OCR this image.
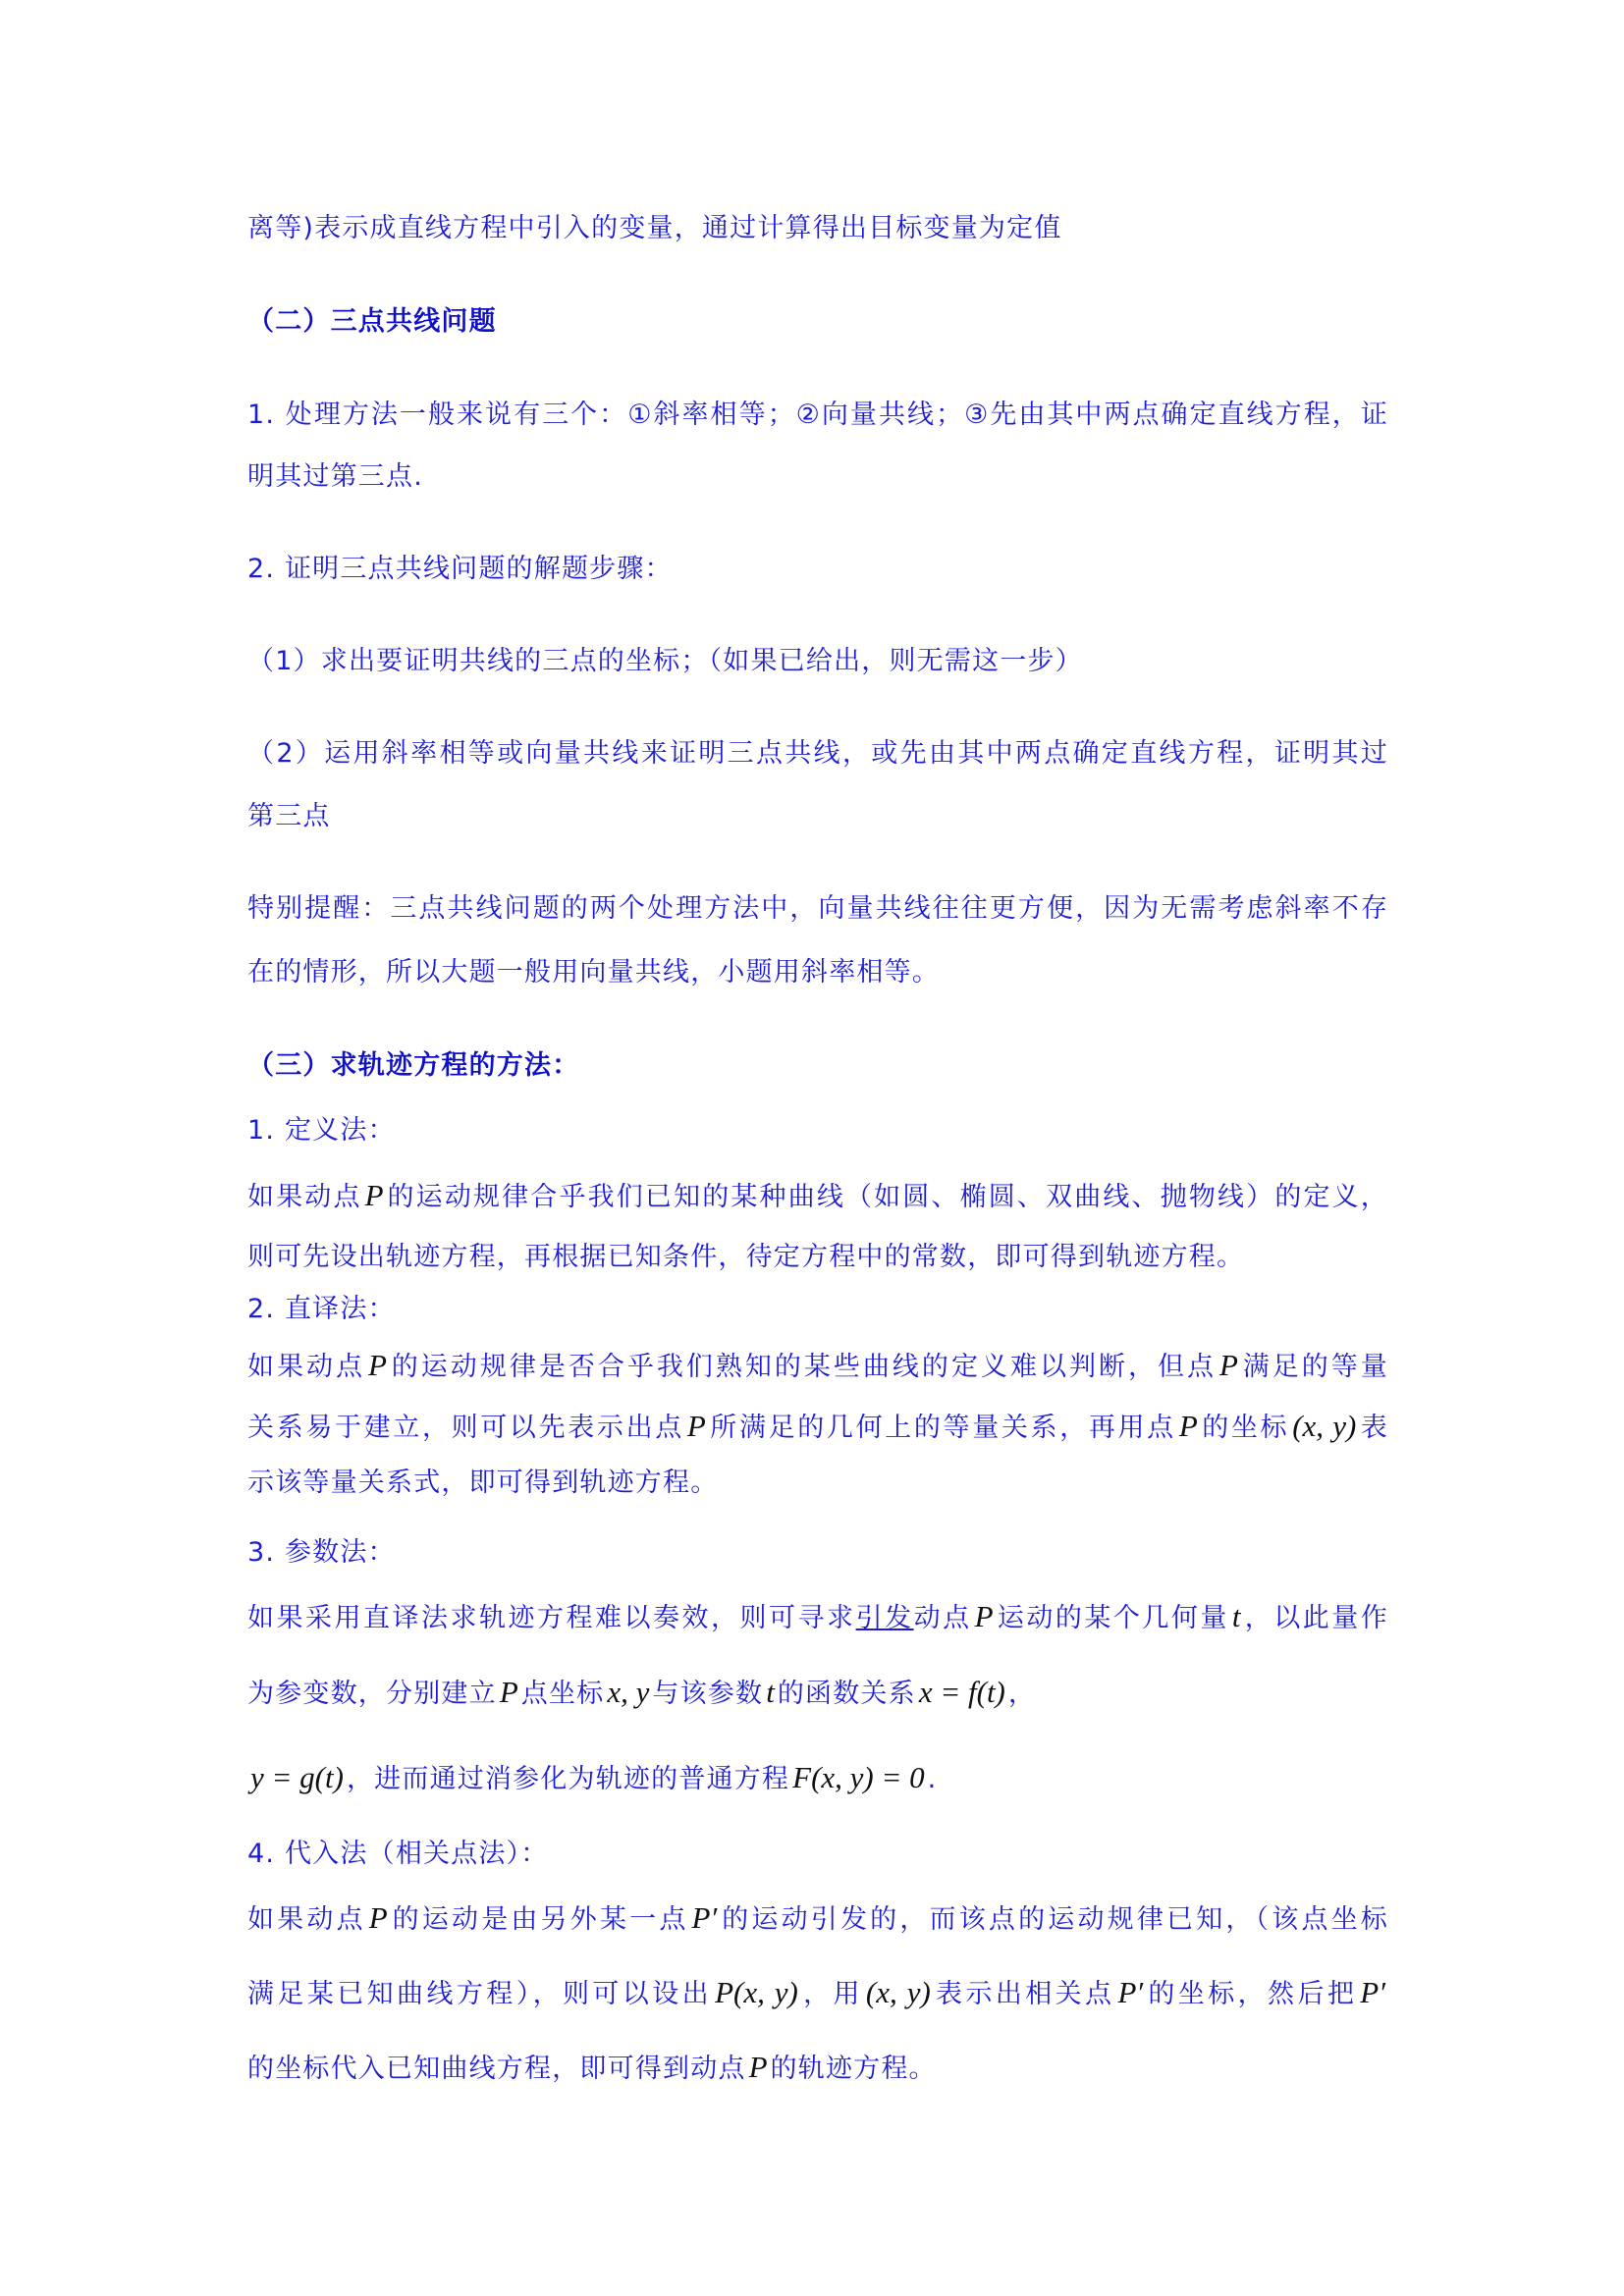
离等)表示成直线方程中引入的变量，通过计算得出目标变量为定值
（二）三点共线问题
1. 处理方法一般来说有三个：①斜率相等；②向量共线；③先由其中两点确定直线方程，证
明其过第三点.
2. 证明三点共线问题的解题步骤：
（1）求出要证明共线的三点的坐标；（如果已给出，则无需这一步）
（2）运用斜率相等或向量共线来证明三点共线，或先由其中两点确定直线方程，证明其过
第三点
特别提醒：三点共线问题的两个处理方法中，向量共线往往更方便，因为无需考虑斜率不存
在的情形，所以大题一般用向量共线，小题用斜率相等。
（三）求轨迹方程的方法：
1. 定义法：
如果动点P 的运动规律合乎我们已知的某种曲线（如圆、椭圆、双曲线、抛物线）的定义，
则可先设出轨迹方程，再根据已知条件，待定方程中的常数，即可得到轨迹方程。
2. 直译法：
如果动点P 的运动规律是否合乎我们熟知的某些曲线的定义难以判断，但点P 满足的等量
关系易于建立，则可以先表示出点P 所满足的几何上的等量关系，再用点P 的坐标(x, y) 表
示该等量关系式，即可得到轨迹方程。
3. 参数法：
如果采用直译法求轨迹方程难以奏效，则可寻求引发动点P 运动的某个几何量t ，以此量作
为参变数，分别建立P 点坐标x, y 与该参数t 的函数关系x = f(t) ，
y = g(t) ，进而通过消参化为轨迹的普通方程F(x, y) = 0 .
4. 代入法（相关点法）：
如果动点P 的运动是由另外某一点P′ 的运动引发的，而该点的运动规律已知，（该点坐标
满足某已知曲线方程），则可以设出P(x, y) ，用(x, y) 表示出相关点P′ 的坐标，然后把P′
的坐标代入已知曲线方程，即可得到动点P 的轨迹方程。
